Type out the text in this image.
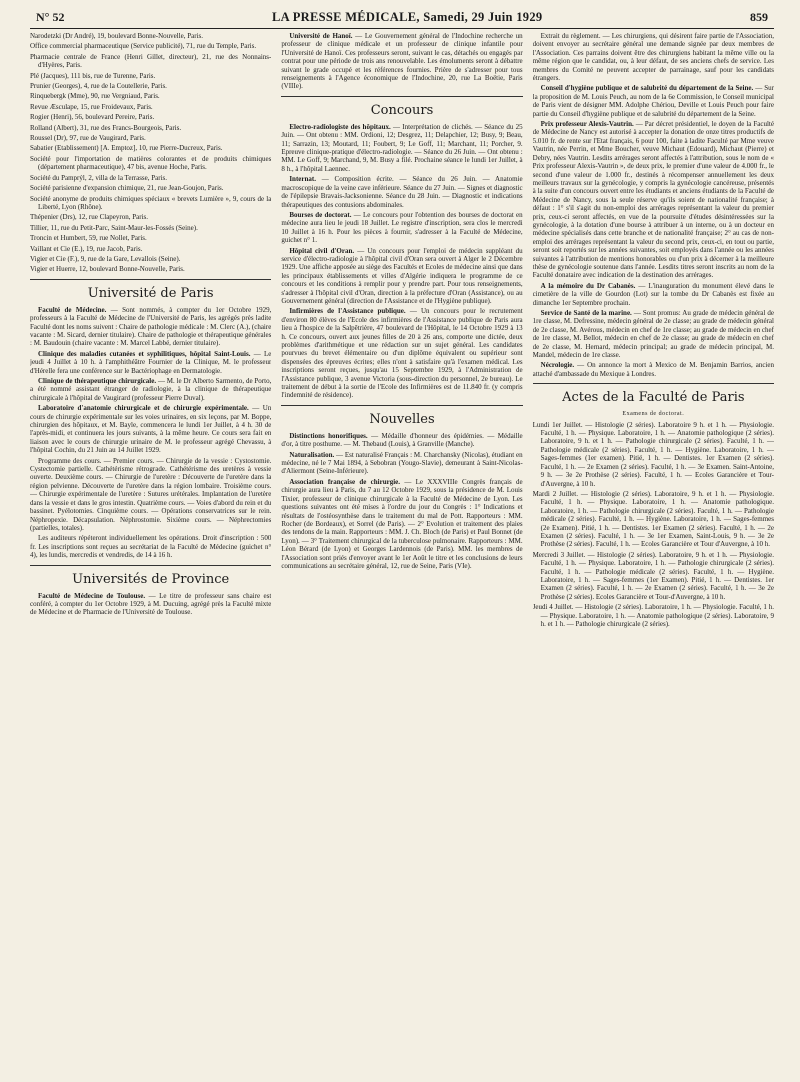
N° 52	LA PRESSE MÉDICALE, Samedi, 29 Juin 1929	859

Narodetzki (Dr André), 19, boulevard Bonne-Nouvelle, Paris.

Office commercial pharmaceutique (Service publicité), 71, rue du Temple, Paris.

Pharmacie centrale de France (Henri Gillet, directeur), 21, rue des Nonnains-d'Hyères, Paris.

Plé (Jacques), 111 bis, rue de Turenne, Paris.

Prunier (Georges), 4, rue de la Coutellerie, Paris.

Rinquebergk (Mme), 90, rue Vergniaud, Paris.

Revue Æsculape, 15, rue Froidevaux, Paris.

Rogier (Henri), 56, boulevard Pereire, Paris.

Rolland (Albert), 31, rue des Francs-Bourgeois, Paris.

Roussel (Dr), 97, rue de Vaugirard, Paris.

Sabatier (Etablissement) [A. Emptoz], 10, rue Pierre-Ducreux, Paris.

Société pour l'importation de matières colorantes et de produits chimiques (département pharmaceutique), 47 bis, avenue Hoche, Paris.

Société du Pamprýl, 2, villa de la Terrasse, Paris.

Société parisienne d'expansion chimique, 21, rue Jean-Goujon, Paris.

Société anonyme de produits chimiques spéciaux « brevets Lumière », 9, cours de la Liberté, Lyon (Rhône).

Thépenier (Drs), 12, rue Clapeyron, Paris.

Tillier, 11, rue du Petit-Parc, Saint-Maur-les-Fossés (Seine).

Troncin et Humbert, 59, rue Nollet, Paris.

Vaillant et Cie (E.), 19, rue Jacob, Paris.

Vigier et Cie (F.), 9, rue de la Gare, Levallois (Seine).

Vigier et Huerre, 12, boulevard Bonne-Nouvelle, Paris.

Université de Paris

Faculté de Médecine. — Sont nommés, à compter du 1er Octobre 1929, professeurs à la Faculté de Médecine de l'Université de Paris, les agrégés près ladite Faculté dont les noms suivent : Chaire de pathologie médicale : M. Clerc (A.), (chaire vacante : M. Sicard, dernier titulaire). Chaire de pathologie et thérapeutique générales : M. Baudouin (chaire vacante : M. Marcel Labbé, dernier titulaire).

Clinique des maladies cutanées et syphilitiques, hôpital Saint-Louis. — Le jeudi 4 Juillet à 10 h. à l'amphithéâtre Fournier de la Clinique, M. le professeur d'Hérelle fera une conférence sur le Bactériophage en Dermatologie.

Clinique de thérapeutique chirurgicale. — M. le Dr Alberto Sarmento, de Porto, a été nommé assistant étranger de radiologie, à la clinique de thérapeutique chirurgicale à l'hôpital de Vaugirard (professeur Pierre Duval).

Laboratoire d'anatomie chirurgicale et de chirurgie expérimentale. — Un cours de chirurgie expérimentale sur les voies urinaires, en six leçons, par M. Boppe, chirurgien des hôpitaux, et M. Bayle, commencera le lundi 1er Juillet, à 4 h. 30 de l'après-midi, et continuera les jours suivants, à la même heure. Ce cours sera fait en liaison avec le cours de chirurgie urinaire de M. le professeur agrégé Chevassu, à l'hôpital Cochin, du 21 Juin au 14 Juillet 1929.

Programme des cours. — Premier cours. — Chirurgie de la vessie : Cystostomie. Cystectomie partielle. Cathétérisme rétrograde. Cathétérisme des uretères à vessie ouverte. Deuxième cours. — Chirurgie de l'uretère : Découverte de l'uretère dans la région pelvienne. Découverte de l'uretère dans la région lombaire. Troisième cours. — Chirurgie expérimentale de l'uretère : Sutures urétérales. Implantation de l'uretère dans la vessie et dans le gros intestin. Quatrième cours. — Voies d'abord du rein et du bassinet. Pyélotomies. Cinquième cours. — Opérations conservatrices sur le rein. Néphropexie. Décapsulation. Néphrostomie. Sixième cours. — Néphrectomies (partielles, totales).

Les auditeurs répéteront individuellement les opérations. Droit d'inscription : 500 fr. Les inscriptions sont reçues au secrétariat de la Faculté de Médecine (guichet n° 4), les lundis, mercredis et vendredis, de 14 à 16 h.

Universités de Province

Faculté de Médecine de Toulouse. — Le titre de professeur sans chaire est conféré, à compter du 1er Octobre 1929, à M. Ducuing, agrégé près la Faculté mixte de Médecine et de Pharmacie de l'Université de Toulouse.

Université de Hanoï. — Le Gouvernement général de l'Indochine recherche un professeur de clinique médicale et un professeur de clinique infantile pour l'Université de Hanoï. Ces professeurs seront, suivant le cas, détachés ou engagés par contrat pour une période de trois ans renouvelable. Les émoluments seront à débattre suivant le grade occupé et les références fournies. Prière de s'adresser pour tous renseignements à l'Agence économique de l'Indochine, 20, rue La Boëtie, Paris (VIIIe).

Concours

Electro-radiologiste des hôpitaux. — Interprétation de clichés. — Séance du 25 Juin. — Ont obtenu : MM. Ordioni, 12; Desgrez, 11; Delapchier, 12; Busy, 9; Beau, 11; Sarrazin, 13; Moutard, 11; Foubert, 9; Le Goff, 11; Marchant, 11; Porcher, 9. Epreuve clinique-pratique d'électro-radiologie. — Séance du 26 Juin. — Ont obtenu : MM. Le Goff, 9; Marchand, 9, M. Busy a filé. Prochaine séance le lundi 1er Juillet, à 8 h., à l'hôpital Laennec.

Internat. — Composition écrite. — Séance du 26 Juin. — Anatomie macroscopique de la veine cave inférieure. Séance du 27 Juin. — Signes et diagnostic de l'épilepsie Bravais-Jacksonienne. Séance du 28 Juin. — Diagnostic et indications thérapeutiques des contusions abdominales.

Bourses de doctorat. — Le concours pour l'obtention des bourses de doctorat en médecine aura lieu le jeudi 18 Juillet. Le registre d'inscription, sera clos le mercredi 10 Juillet à 16 h. Pour les pièces à fournir, s'adresser à la Faculté de Médecine, guichet n° 1.

Hôpital civil d'Oran. — Un concours pour l'emploi de médecin suppléant du service d'électro-radiologie à l'hôpital civil d'Oran sera ouvert à Alger le 2 Décembre 1929. Une affiche apposée au siège des Facultés et Ecoles de médecine ainsi que dans les principaux établissements et villes d'Algérie indiquera le programme de ce concours et les conditions à remplir pour y prendre part. Pour tous renseignements, s'adresser à l'hôpital civil d'Oran, direction à la préfecture d'Oran (Assistance), ou au Gouvernement général (direction de l'Assistance et de l'Hygiène publique).

Infirmières de l'Assistance publique. — Un concours pour le recrutement d'environ 80 élèves de l'Ecole des infirmières de l'Assistance publique de Paris aura lieu à l'hospice de la Salpêtrière, 47 boulevard de l'Hôpital, le 14 Octobre 1929 à 13 h. Ce concours, ouvert aux jeunes filles de 20 à 26 ans, comporte une dictée, deux problèmes d'arithmétique et une rédaction sur un sujet général. Les candidates pourvues du brevet élémentaire ou d'un diplôme équivalent ou supérieur sont dispensées des épreuves écrites; elles n'ont à satisfaire qu'à l'examen médical. Les inscriptions seront reçues, jusqu'au 15 Septembre 1929, à l'Administration de l'Assistance publique, 3 avenue Victoria (sous-direction du personnel, 2e bureau). Le traitement de début à la sortie de l'Ecole des Infirmières est de 11.840 fr. (y compris l'indemnité de résidence).

Nouvelles

Distinctions honorifiques. — Médaille d'honneur des épidémies. — Médaille d'or, à titre posthume. — M. Thebaud (Louis), à Granville (Manche).

Naturalisation. — Est naturalisé Français : M. Charchansky (Nicolas), étudiant en médecine, né le 7 Mai 1894, à Sebobran (Yougo-Slavie), demeurant à Saint-Nicolas-d'Aliermont (Seine-Inférieure).

Association française de chirurgie. — Le XXXVIIIe Congrès français de chirurgie aura lieu à Paris, du 7 au 12 Octobre 1929, sous la présidence de M. Louis Tixier, professeur de clinique chirurgicale à la Faculté de Médecine de Lyon. Les questions suivantes ont été mises à l'ordre du jour du Congrès : 1° Indications et résultats de l'ostéosynthèse dans le traitement du mal de Pott. Rapporteurs : MM. Rocher (de Bordeaux), et Sorrel (de Paris). — 2° Evolution et traitement des plaies des tendons de la main. Rapporteurs : MM. J. Ch. Bloch (de Paris) et Paul Bonnet (de Lyon). — 3° Traitement chirurgical de la tuberculose pulmonaire. Rapporteurs : MM. Léon Bérard (de Lyon) et Georges Lardennois (de Paris). MM. les membres de l'Association sont priés d'envoyer avant le 1er Août le titre et les conclusions de leurs communications au secrétaire général, 12, rue de Seine, Paris (VIe).

Extrait du règlement. — Les chirurgiens, qui désirent faire partie de l'Association, doivent envoyer au secrétaire général une demande signée par deux membres de l'Association. Ces parrains doivent être des chirurgiens habitant la même ville ou la même région que le candidat, ou, à leur défaut, de ses anciens chefs de service. Les membres du Comité ne peuvent accepter de parrainage, sauf pour les candidats étrangers.

Conseil d'hygiène publique et de salubrité du département de la Seine. — Sur la proposition de M. Louis Peuch, au nom de la 6e Commission, le Conseil municipal de Paris vient de désigner MM. Adolphe Chériou, Deville et Louis Peuch pour faire partie du Conseil d'hygiène publique et de salubrité du département de la Seine.

Prix professeur Alexis-Vautrin. — Par décret présidentiel, le doyen de la Faculté de Médecine de Nancy est autorisé à accepter la donation de onze titres productifs de 5.010 fr. de rente sur l'Etat français, 6 pour 100, faite à ladite Faculté par Mme veuve Vautrin, née Perrin, et Mme Boucher, veuve Michaut (Edouard), Michaut (Pierre) et Debry, nées Vautrin. Lesdits arrérages seront affectés à l'attribution, sous le nom de « Prix professeur Alexis-Vautrin », de deux prix, le premier d'une valeur de 4.000 fr., le second d'une valeur de 1.000 fr., destinés à récompenser annuellement les deux meilleurs travaux sur la gynécologie, y compris la gynécologie cancéreuse, présentés à la suite d'un concours ouvert entre les étudiants et anciens étudiants de la Faculté de Médecine de Nancy, sous la seule réserve qu'ils soient de nationalité française; à défaut : 1° s'il s'agit du non-emploi des arrérages représentant la valeur du premier prix, ceux-ci seront affectés, en vue de la poursuite d'études désintéressées sur la gynécologie, à la dotation d'une bourse à attribuer à un interne, ou à un docteur en médecine spécialisés dans cette branche et de nationalité française; 2° au cas de non-emploi des arrérages représentant la valeur du second prix, ceux-ci, en tout ou partie, seront soit reportés sur les années suivantes, soit employés dans l'année ou les années suivantes à l'attribution de mentions honorables ou d'un prix à décerner à la meilleure thèse de gynécologie soutenue dans l'année. Lesdits titres seront inscrits au nom de la Faculté donataire avec indication de la destination des arrérages.

A la mémoire du Dr Cabanès. — L'inauguration du monument élevé dans le cimetière de la ville de Gourdon (Lot) sur la tombe du Dr Cabanès est fixée au dimanche 1er Septembre prochain.

Service de Santé de la marine. — Sont promus: Au grade de médecin général de 1re classe, M. Defressine, médecin général de 2e classe; au grade de médecin général de 2e classe, M. Avérous, médecin en chef de 1re classe; au grade de médecin en chef de 1re classe, M. Bellot, médecin en chef de 2e classe; au grade de médecin en chef de 2e classe, M. Hernard, médecin principal; au grade de médecin principal, M. Mandel, médecin de 1re classe.

Nécrologie. — On annonce la mort à Mexico de M. Benjamin Barrios, ancien attaché d'ambassade du Mexique à Londres.

Actes de la Faculté de Paris
Examens de doctorat.

Lundi 1er Juillet. — Histologie (2 séries). Laboratoire 9 h. et 1 h. — Physiologie. Faculté, 1 h. — Physique. Laboratoire, 1 h. — Anatomie pathologique (2 séries). Laboratoire, 9 h. et 1 h. — Pathologie chirurgicale (2 séries). Faculté, 1 h. — Pathologie médicale (2 séries). Faculté, 1 h. — Hygiène. Laboratoire, 1 h. — Sages-femmes (1er examen). Pitié, 1 h. — Dentistes. 1er Examen (2 séries). Faculté, 1 h. — 2e Examen (2 séries). Faculté, 1 h. — 3e Examen. Saint-Antoine, 9 h. — 3e 2e Prothèse (2 séries). Faculté, 1 h. — Ecoles Garancière et Tour-d'Auvergne, à 10 h.

Mardi 2 Juillet. — Histologie (2 séries). Laboratoire, 9 h. et 1 h. — Physiologie. Faculté, 1 h. — Physique. Laboratoire, 1 h. — Anatomie pathologique. Laboratoire, 1 h. — Pathologie chirurgicale (2 séries). Faculté, 1 h. — Pathologie médicale (2 séries). Faculté, 1 h. — Hygiène. Laboratoire, 1 h. — Sages-femmes (2e Examen). Pitié, 1 h. — Dentistes. 1er Examen (2 séries). Faculté, 1 h. — 2e Examen (2 séries). Faculté, 1 h. — 3e 1er Examen, Saint-Louis, 9 h. — 3e 2e Prothèse (2 séries). Faculté, 1 h. — Ecoles Garancière et Tour d'Auvergne, à 10 h.

Mercredi 3 Juillet. — Histologie (2 séries). Laboratoire, 9 h. et 1 h. — Physiologie. Faculté, 1 h. — Physique. Laboratoire, 1 h. — Pathologie chirurgicale (2 séries). Faculté, 1 h. — Pathologie médicale (2 séries). Faculté, 1 h. — Hygiène. Laboratoire, 1 h. — Sages-femmes (1er Examen). Pitié, 1 h. — Dentistes. 1er Examen (2 séries). Faculté, 1 h. — 2e Examen (2 séries). Faculté, 1 h. — 3e 2e Prothèse (2 séries). Ecoles Garancière et Tour-d'Auvergne, à 10 h.

Jeudi 4 Juillet. — Histologie (2 séries). Laboratoire, 1 h. — Physiologie. Faculté, 1 h. — Physique. Laboratoire, 1 h. — Anatomie pathologique (2 séries). Laboratoire, 9 h. et 1 h. — Pathologie chirurgicale (2 séries).
